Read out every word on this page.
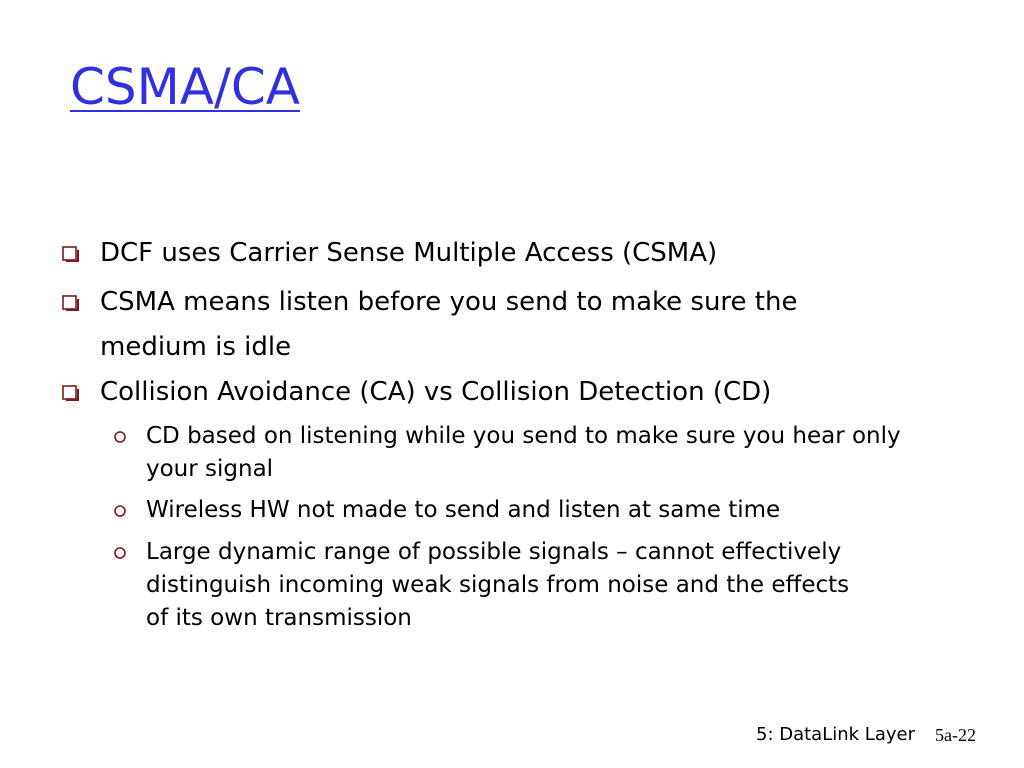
CSMA/CA
DCF uses Carrier Sense Multiple Access (CSMA)
CSMA means listen before you send to make sure the
medium is idle
Collision Avoidance (CA) vs Collision Detection (CD)
CD based on listening while you send to make sure you hear only
your signal
Wireless HW not made to send and listen at same time
Large dynamic range of possible signals – cannot effectively
distinguish incoming weak signals from noise and the effects
of its own transmission
5: DataLink Layer 5a-22
